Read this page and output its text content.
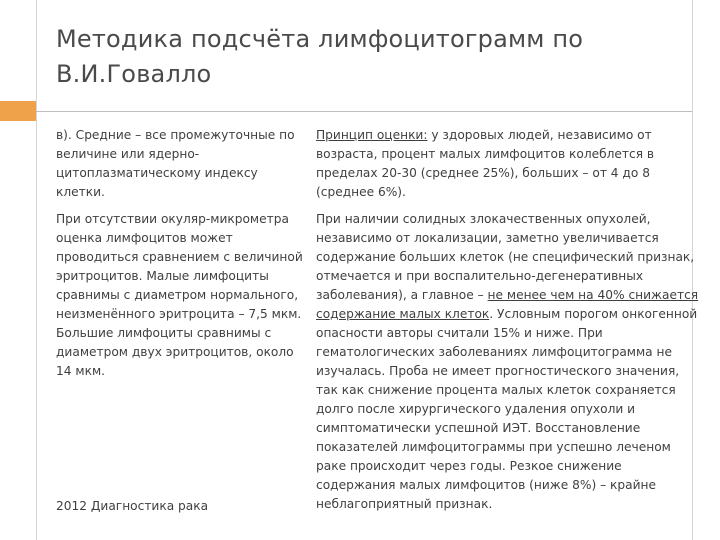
Методика подсчёта лимфоцитограмм по В.И.Говалло

в). Средние – все промежуточные по величине или ядерно-цитоплазматическому индексу клетки.

При отсутствии окуляр-микрометра оценка лимфоцитов может проводиться сравнением с величиной эритроцитов. Малые лимфоциты сравнимы с диаметром нормального, неизменённого эритроцита – 7,5 мкм. Большие лимфоциты сравнимы с диаметром двух эритроцитов, около 14 мкм.

Принцип оценки: у здоровых людей, независимо от возраста, процент малых лимфоцитов колеблется в пределах 20-30 (среднее 25%), больших – от 4 до 8 (среднее 6%).

При наличии солидных злокачественных опухолей, независимо от локализации, заметно увеличивается содержание больших клеток (не специфический признак, отмечается и при воспалительно-дегенеративных заболевания), а главное – не менее чем на 40% снижается содержание малых клеток. Условным порогом онкогенной опасности авторы считали 15% и ниже. При гематологических заболеваниях лимфоцитограмма не изучалась. Проба не имеет прогностического значения, так как снижение процента малых клеток сохраняется долго после хирургического удаления опухоли и симптоматически успешной ИЭТ. Восстановление показателей лимфоцитограммы при успешно леченом раке происходит через годы. Резкое снижение содержания малых лимфоцитов (ниже 8%) – крайне неблагоприятный признак.

2012 Диагностика рака
